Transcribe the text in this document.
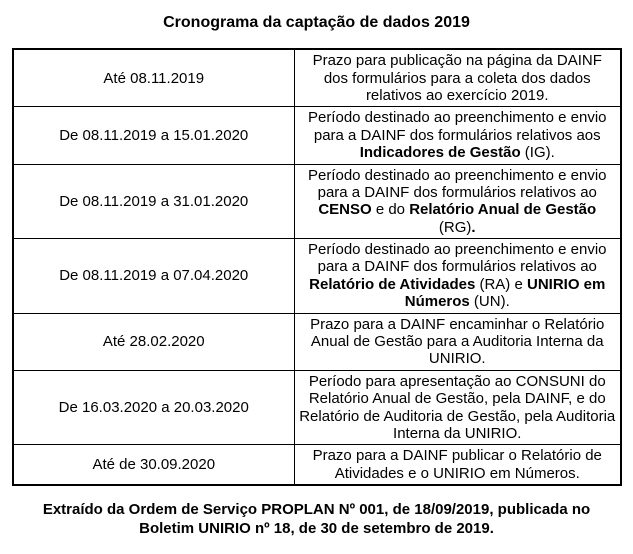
Cronograma da captação de dados 2019
Até 08.11.2019	Prazo para publicação na página da DAINF dos formulários para a coleta dos dados relativos ao exercício 2019.
De 08.11.2019 a 15.01.2020	Período destinado ao preenchimento e envio para a DAINF dos formulários relativos aos Indicadores de Gestão (IG).
De 08.11.2019 a 31.01.2020	Período destinado ao preenchimento e envio para a DAINF dos formulários relativos ao CENSO e do Relatório Anual de Gestão (RG).
De 08.11.2019 a 07.04.2020	Período destinado ao preenchimento e envio para a DAINF dos formulários relativos ao Relatório de Atividades (RA) e UNIRIO em Números (UN).
Até 28.02.2020	Prazo para a DAINF encaminhar o Relatório Anual de Gestão para a Auditoria Interna da UNIRIO.
De 16.03.2020 a 20.03.2020	Período para apresentação ao CONSUNI do Relatório Anual de Gestão, pela DAINF, e do Relatório de Auditoria de Gestão, pela Auditoria Interna da UNIRIO.
Até de 30.09.2020	Prazo para a DAINF publicar o Relatório de Atividades e o UNIRIO em Números.
Extraído da Ordem de Serviço PROPLAN Nº 001, de 18/09/2019, publicada no Boletim UNIRIO nº 18, de 30 de setembro de 2019.
